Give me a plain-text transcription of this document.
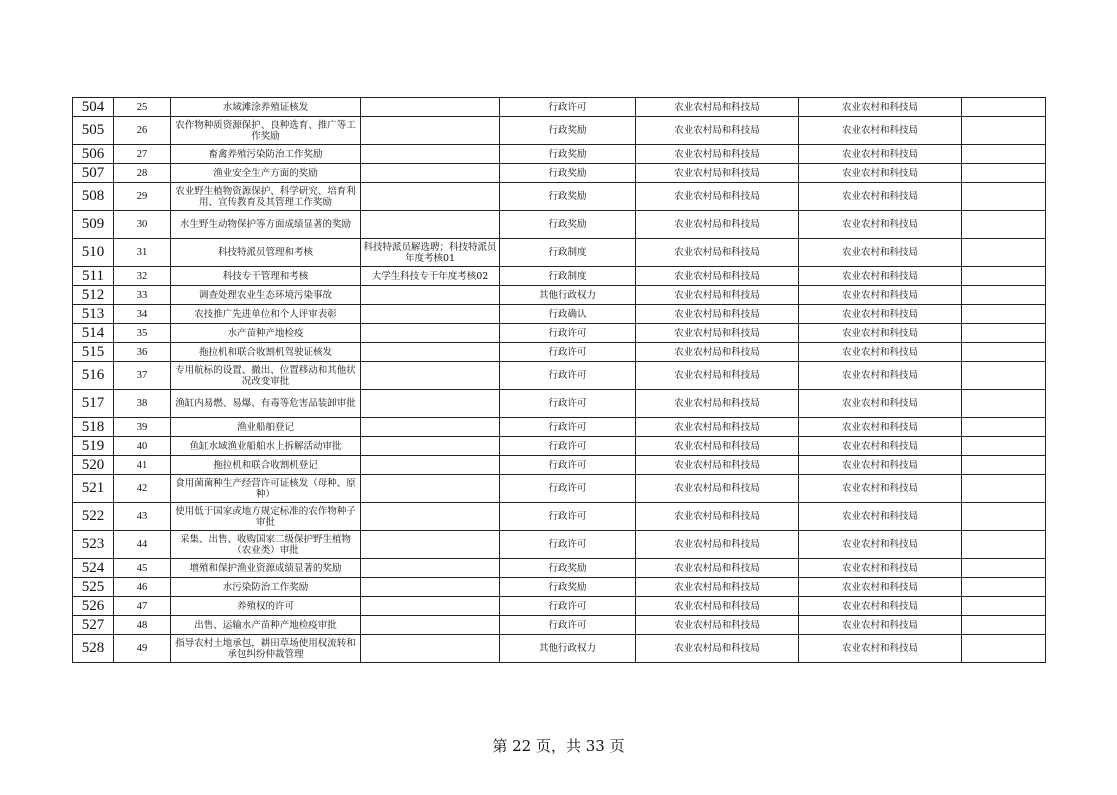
504	25	水域滩涂养殖证核发		行政许可	农业农村局和科技局	农业农村和科技局	
505	26	农作物种质资源保护、良种选育、推广等工作奖励		行政奖励	农业农村局和科技局	农业农村和科技局	
506	27	畜禽养殖污染防治工作奖励		行政奖励	农业农村局和科技局	农业农村和科技局	
507	28	渔业安全生产方面的奖励		行政奖励	农业农村局和科技局	农业农村和科技局	
508	29	农业野生植物资源保护、科学研究、培育利用、宣传教育及其管理工作奖励		行政奖励	农业农村局和科技局	农业农村和科技局	
509	30	水生野生动物保护等方面成绩显著的奖励		行政奖励	农业农村局和科技局	农业农村和科技局	
510	31	科技特派员管理和考核	科技特派员解选聘；科技特派员 年度考核01	行政制度	农业农村局和科技局	农业农村和科技局	
511	32	科技专干管理和考核	大学生科技专干年度考核02	行政制度	农业农村局和科技局	农业农村和科技局	
512	33	调查处理农业生态环境污染事故		其他行政权力	农业农村局和科技局	农业农村和科技局	
513	34	农技推广先进单位和个人评审表彰		行政确认	农业农村局和科技局	农业农村和科技局	
514	35	水产苗种产地检疫		行政许可	农业农村局和科技局	农业农村和科技局	
515	36	拖拉机和联合收割机驾驶证核发		行政许可	农业农村局和科技局	农业农村和科技局	
516	37	专用航标的设置、撤出、位置移动和其他状况改变审批		行政许可	农业农村局和科技局	农业农村和科技局	
517	38	渔缸内易燃、易爆、有毒等危害品装卸审批		行政许可	农业农村局和科技局	农业农村和科技局	
518	39	渔业船舶登记		行政许可	农业农村局和科技局	农业农村和科技局	
519	40	鱼缸水域渔业船舶水上拆解活动审批		行政许可	农业农村局和科技局	农业农村和科技局	
520	41	拖拉机和联合收割机登记		行政许可	农业农村局和科技局	农业农村和科技局	
521	42	食用菌菌种生产经营许可证核发（母种、原种）		行政许可	农业农村局和科技局	农业农村和科技局	
522	43	使用低于国家或地方规定标准的农作物种子审批		行政许可	农业农村局和科技局	农业农村和科技局	
523	44	采集、出售、收购国家二级保护野生植物（农业类）审批		行政许可	农业农村局和科技局	农业农村和科技局	
524	45	增殖和保护渔业资源成绩显著的奖励		行政奖励	农业农村局和科技局	农业农村和科技局	
525	46	水污染防治工作奖励		行政奖励	农业农村局和科技局	农业农村和科技局	
526	47	养殖权的许可		行政许可	农业农村局和科技局	农业农村和科技局	
527	48	出售、运输水产苗种产地检疫审批		行政许可	农业农村局和科技局	农业农村和科技局	
528	49	指导农村土地承包，耕田草场使用权流转和承包纠纷仲裁管理		其他行政权力	农业农村局和科技局	农业农村和科技局	
第 22 页，共 33 页
